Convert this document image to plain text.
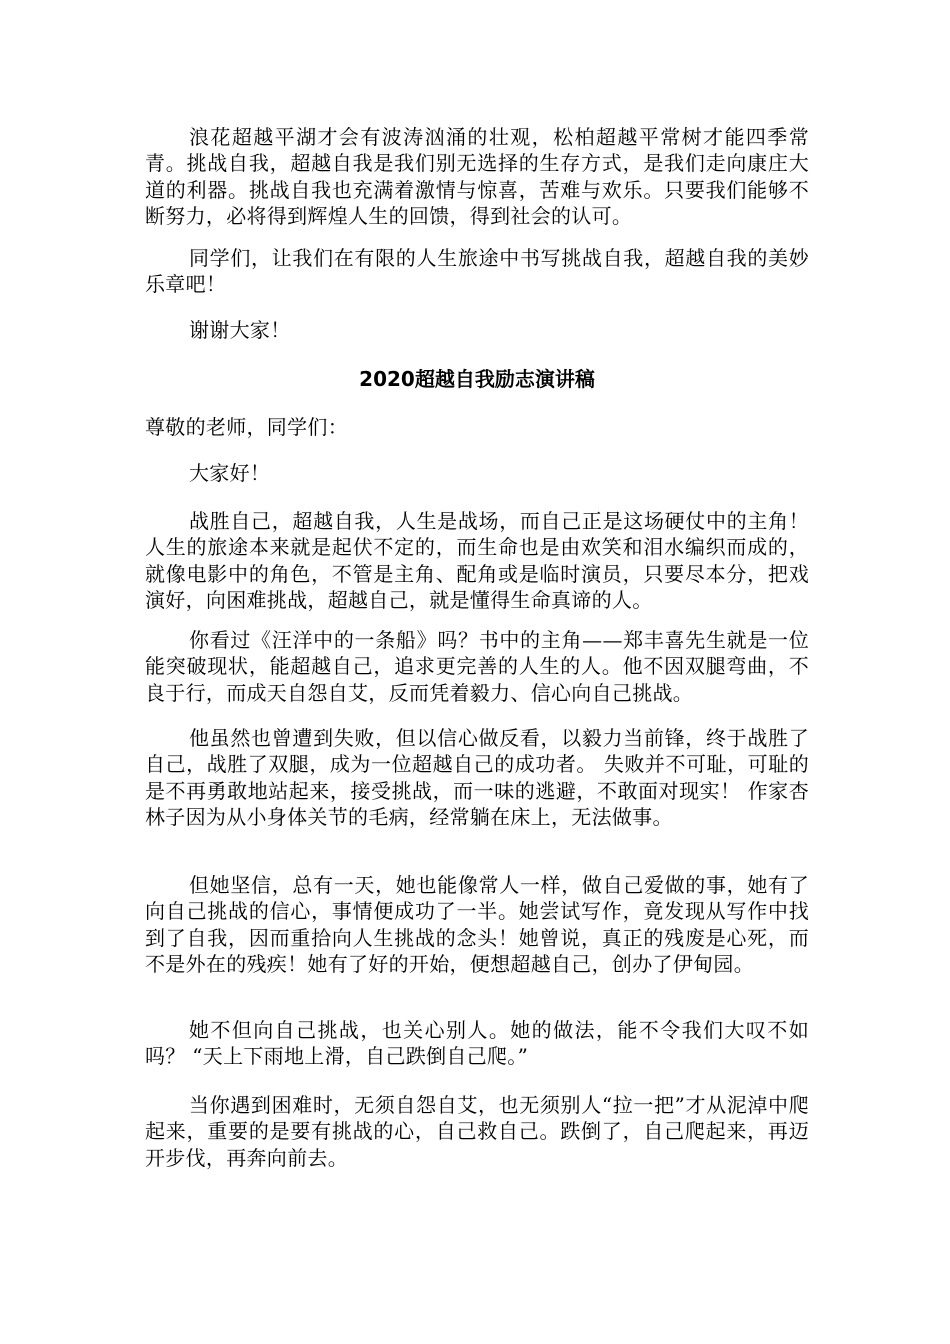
浪花超越平湖才会有波涛汹涌的壮观，松柏超越平常树才能四季常青。挑战自我，超越自我是我们别无选择的生存方式，是我们走向康庄大道的利器。挑战自我也充满着激情与惊喜，苦难与欢乐。只要我们能够不断努力，必将得到辉煌人生的回馈，得到社会的认可。

同学们，让我们在有限的人生旅途中书写挑战自我，超越自我的美妙乐章吧！

谢谢大家！

2020超越自我励志演讲稿

尊敬的老师，同学们：

大家好！

战胜自己，超越自我，人生是战场，而自己正是这场硬仗中的主角！ 人生的旅途本来就是起伏不定的，而生命也是由欢笑和泪水编织而成的，就像电影中的角色，不管是主角、配角或是临时演员，只要尽本分，把戏演好，向困难挑战，超越自己，就是懂得生命真谛的人。

你看过《汪洋中的一条船》吗？书中的主角——郑丰喜先生就是一位能突破现状，能超越自己，追求更完善的人生的人。他不因双腿弯曲，不良于行，而成天自怨自艾，反而凭着毅力、信心向自己挑战。

他虽然也曾遭到失败，但以信心做反看，以毅力当前锋，终于战胜了自己，战胜了双腿，成为一位超越自己的成功者。 失败并不可耻，可耻的是不再勇敢地站起来，接受挑战，而一味的逃避，不敢面对现实！ 作家杏林子因为从小身体关节的毛病，经常躺在床上，无法做事。

但她坚信，总有一天，她也能像常人一样，做自己爱做的事，她有了向自己挑战的信心，事情便成功了一半。她尝试写作，竟发现从写作中找到了自我，因而重拾向人生挑战的念头！她曾说，真正的残废是心死，而不是外在的残疾！她有了好的开始，便想超越自己，创办了伊甸园。

她不但向自己挑战，也关心别人。她的做法，能不令我们大叹不如吗？ “天上下雨地上滑，自己跌倒自己爬。”

当你遇到困难时，无须自怨自艾，也无须别人“拉一把”才从泥淖中爬起来，重要的是要有挑战的心，自己救自己。跌倒了，自己爬起来，再迈开步伐，再奔向前去。
